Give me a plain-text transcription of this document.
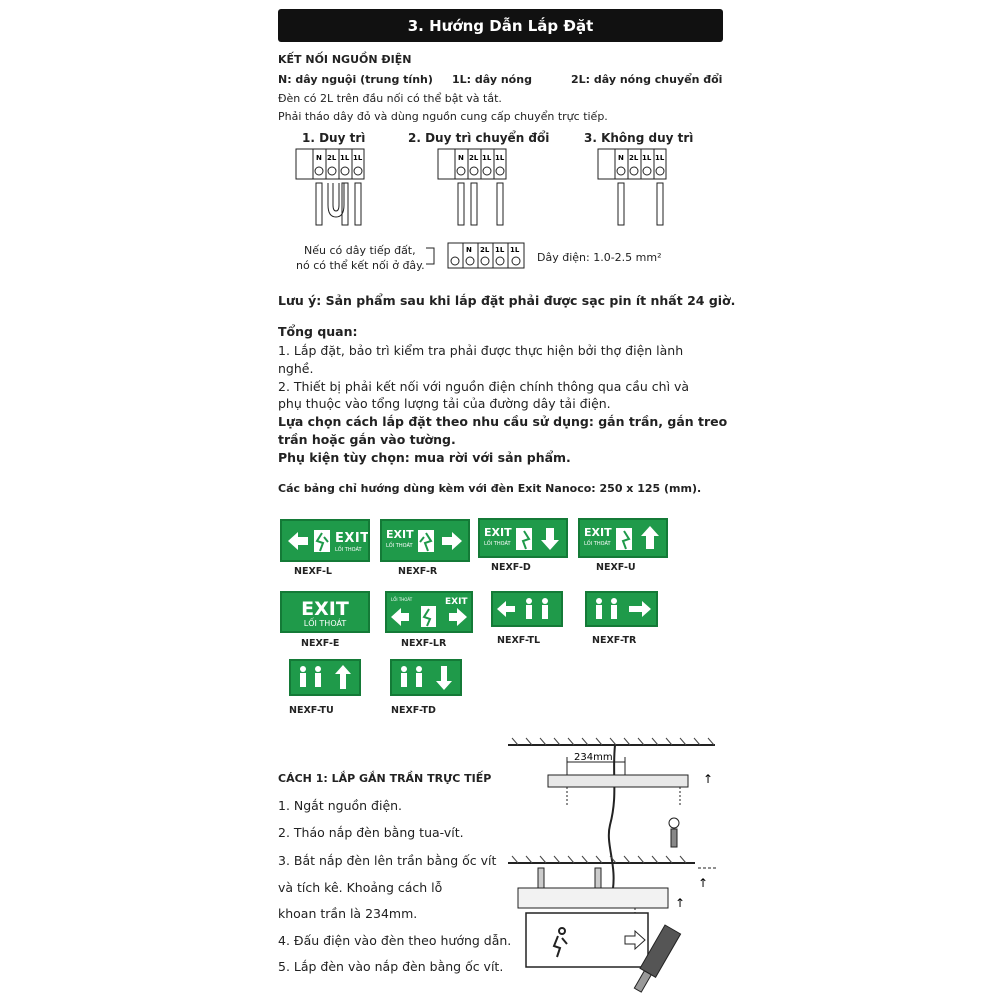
3. Hướng Dẫn Lắp Đặt
KẾT NỐI NGUỒN ĐIỆN
N: dây nguội (trung tính) 1L: dây nóng	2L: dây nóng chuyển đổi
Đèn có 2L trên đầu nối có thể bật và tắt.
Phải tháo dây đỏ và dùng nguồn cung cấp chuyển trực tiếp.
1. Duy trì	2. Duy trì chuyển đổi	3. Không duy trì
N 2L 1L 1L	N 2L 1L 1L	N 2L 1L 1L
Nếu có dây tiếp đất,
nó có thể kết nối ở đây.
N 2L 1L 1L
Dây điện: 1.0-2.5 mm²
Lưu ý: Sản phẩm sau khi lắp đặt phải được sạc pin ít nhất 24 giờ.
Tổng quan:
1. Lắp đặt, bảo trì kiểm tra phải được thực hiện bởi thợ điện lành
nghề.
2. Thiết bị phải kết nối với nguồn điện chính thông qua cầu chì và
phụ thuộc vào tổng lượng tải của đường dây tải điện.
Lựa chọn cách lắp đặt theo nhu cầu sử dụng: gắn trần, gắn treo
trần hoặc gắn vào tường.
Phụ kiện tùy chọn: mua rời với sản phẩm.
Các bảng chỉ hướng dùng kèm với đèn Exit Nanoco: 250 x 125 (mm).
EXIT
LỐI THOÁT
NEXF-L
EXIT
LỐI THOÁT
NEXF-R
EXIT
LỐI THOÁT
NEXF-D
EXIT
LỐI THOÁT
NEXF-U
EXIT
LỐI THOÁT
NEXF-E
LỐI THOÁT	EXIT
NEXF-LR	NEXF-TL	NEXF-TR
NEXF-TU	NEXF-TD
CÁCH 1: LẮP GẮN TRẦN TRỰC TIẾP
1. Ngắt nguồn điện.
2. Tháo nắp đèn bằng tua-vít.
3. Bắt nắp đèn lên trần bằng ốc vít
và tích kê. Khoảng cách lỗ
khoan trần là 234mm.
4. Đấu điện vào đèn theo hướng dẫn.
5. Lắp đèn vào nắp đèn bằng ốc vít.
234mm
↑
↑
↑
